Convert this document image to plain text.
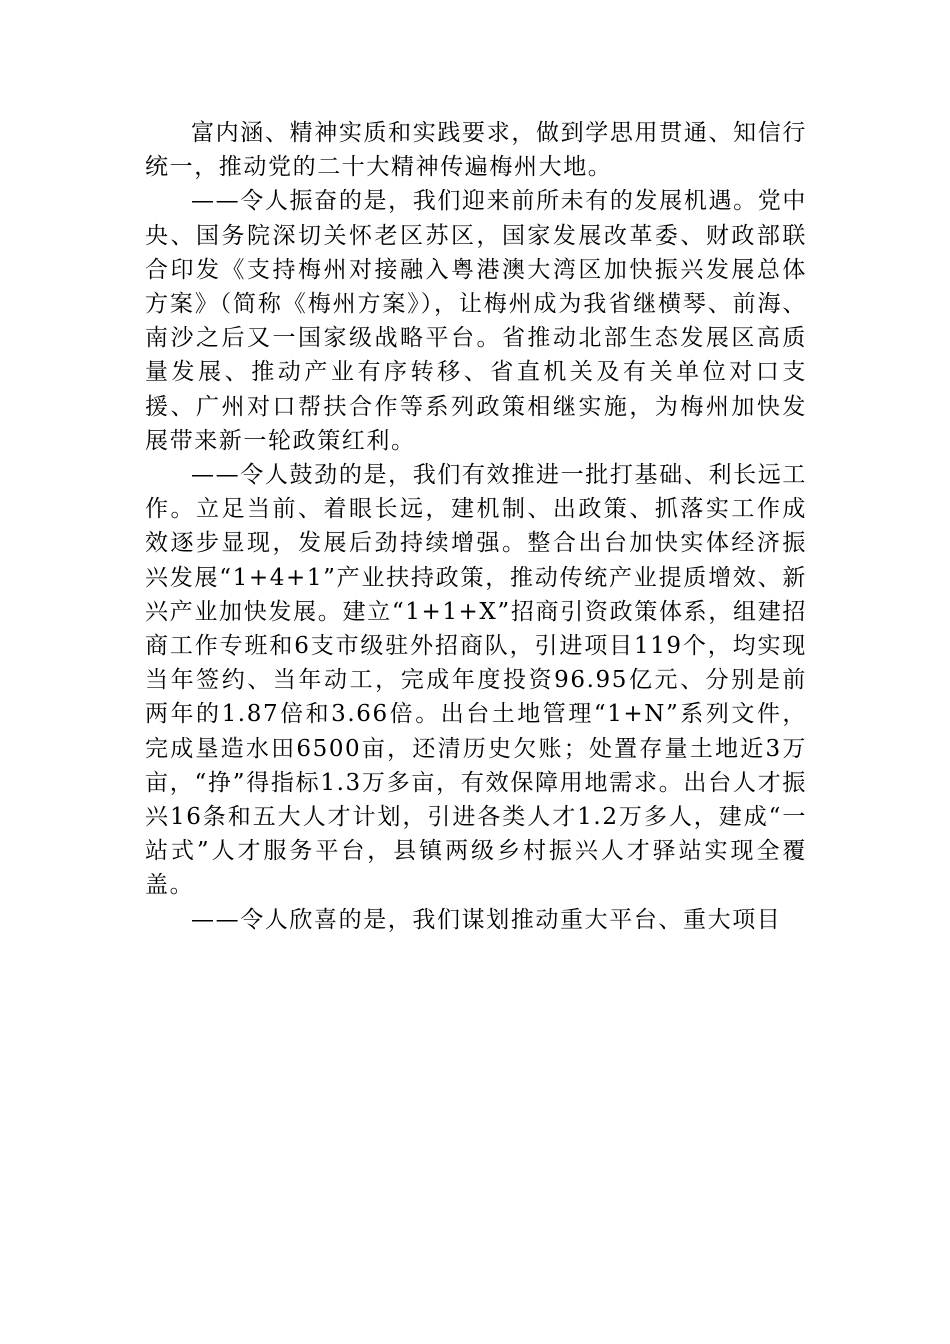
富内涵、精神实质和实践要求，做到学思用贯通、知信行统一，推动党的二十大精神传遍梅州大地。

——令人振奋的是，我们迎来前所未有的发展机遇。党中央、国务院深切关怀老区苏区，国家发展改革委、财政部联合印发《支持梅州对接融入粤港澳大湾区加快振兴发展总体方案》（简称《梅州方案》），让梅州成为我省继横琴、前海、南沙之后又一国家级战略平台。省推动北部生态发展区高质量发展、推动产业有序转移、省直机关及有关单位对口支援、广州对口帮扶合作等系列政策相继实施，为梅州加快发展带来新一轮政策红利。

——令人鼓劲的是，我们有效推进一批打基础、利长远工作。立足当前、着眼长远，建机制、出政策、抓落实工作成效逐步显现，发展后劲持续增强。整合出台加快实体经济振兴发展“1+4+1”产业扶持政策，推动传统产业提质增效、新兴产业加快发展。建立“1+1+X”招商引资政策体系，组建招商工作专班和6支市级驻外招商队，引进项目119个，均实现当年签约、当年动工，完成年度投资96.95亿元、分别是前两年的1.87倍和3.66倍。出台土地管理“1+N”系列文件，完成垦造水田6500亩，还清历史欠账；处置存量土地近3万亩，“挣”得指标1.3万多亩，有效保障用地需求。出台人才振兴16条和五大人才计划，引进各类人才1.2万多人，建成“一站式”人才服务平台，县镇两级乡村振兴人才驿站实现全覆盖。

——令人欣喜的是，我们谋划推动重大平台、重大项目
